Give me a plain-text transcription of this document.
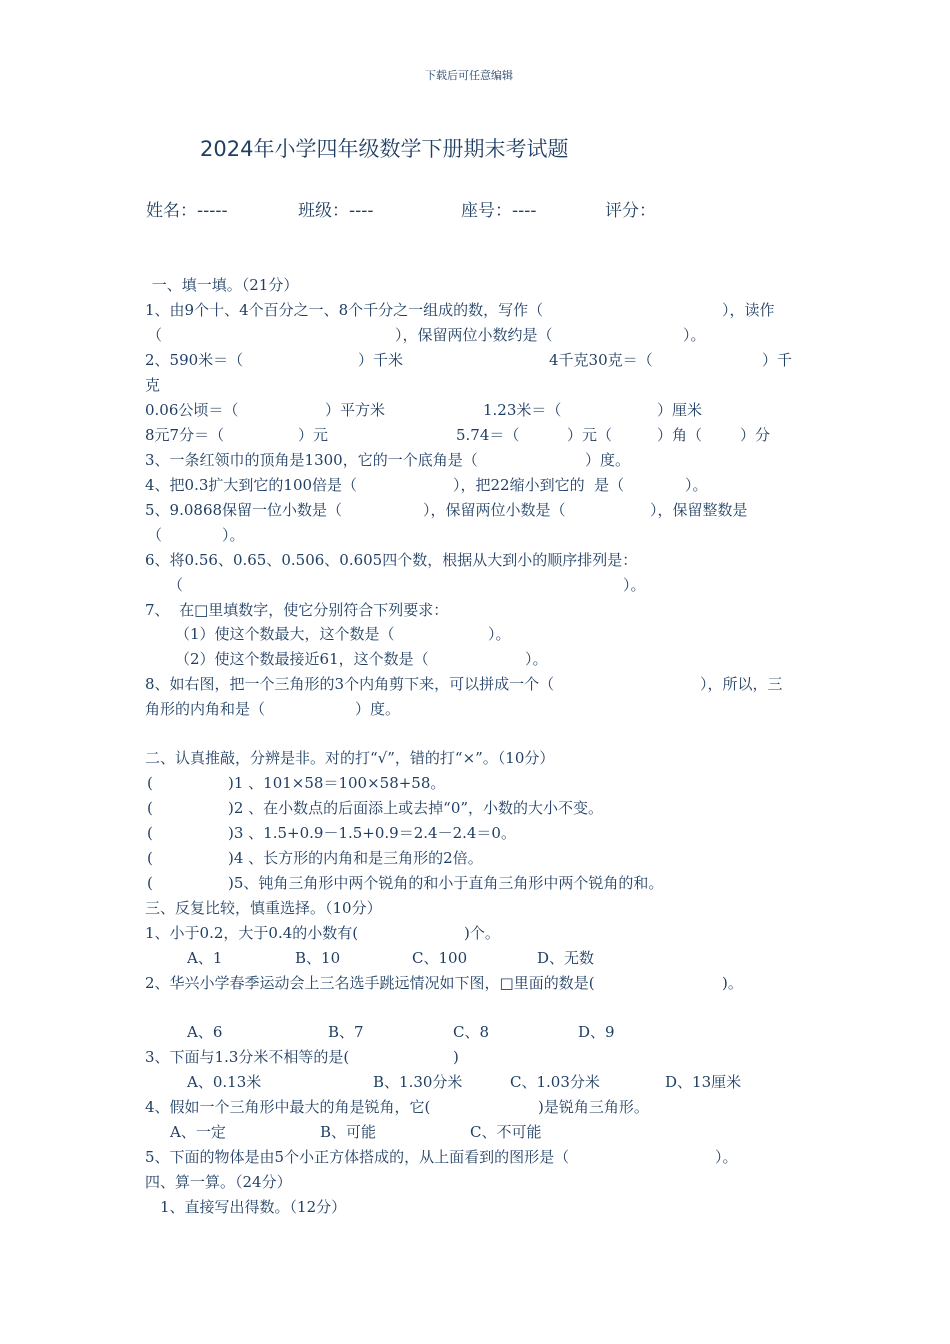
下载后可任意编辑
2024年小学四年级数学下册期末考试题
姓名：-----	班级：----	座号：----	评分：
一、填一填。（21分）
1、由9个十、4个百分之一、8个千分之一组成的数，写作（	），读作
（	），保留两位小数约是（	）。
2、590米＝（	）千米	4千克30克＝（	）千
克
0.06公顷＝（	）平方米	1.23米＝（	）厘米
8元7分＝（	）元	5.74＝（	）元（	）角（	）分
3、一条红领巾的顶角是1300，它的一个底角是（	）度。
4、把0.3扩大到它的100倍是（	），把22缩小到它的  是（	）。
5、9.0868保留一位小数是（	），保留两位小数是（	），保留整数是
（	）。
6、将0.56、0.65、0.506、0.605四个数，根据从大到小的顺序排列是：
（	）。
7、  在□里填数字，使它分别符合下列要求：
（1）使这个数最大，这个数是（	）。
（2）使这个数最接近61，这个数是（	）。
8、如右图，把一个三角形的3个内角剪下来，可以拼成一个（	），所以，三
角形的内角和是（	）度。
二、认真推敲，分辨是非。对的打“√”，错的打“×”。（10分）
(	)1 、101×58＝100×58+58。
(	)2 、在小数点的后面添上或去掉“0”，小数的大小不变。
(	)3 、1.5+0.9－1.5+0.9＝2.4－2.4＝0。
(	)4 、长方形的内角和是三角形的2倍。
(	)5、钝角三角形中两个锐角的和小于直角三角形中两个锐角的和。
三、反复比较，慎重选择。（10分）
1、小于0.2，大于0.4的小数有(	)个。
A、1	B、10	C、100	D、无数
2、华兴小学春季运动会上三名选手跳远情况如下图，□里面的数是(	)。
A、6	B、7	C、8	D、9
3、下面与1.3分米不相等的是(	)
A、0.13米	B、1.30分米	C、1.03分米	D、13厘米
4、假如一个三角形中最大的角是锐角，它(	)是锐角三角形。
A、一定	B、可能	C、不可能
5、下面的物体是由5个小正方体搭成的，从上面看到的图形是（	）。
四、算一算。（24分）
1、直接写出得数。（12分）
